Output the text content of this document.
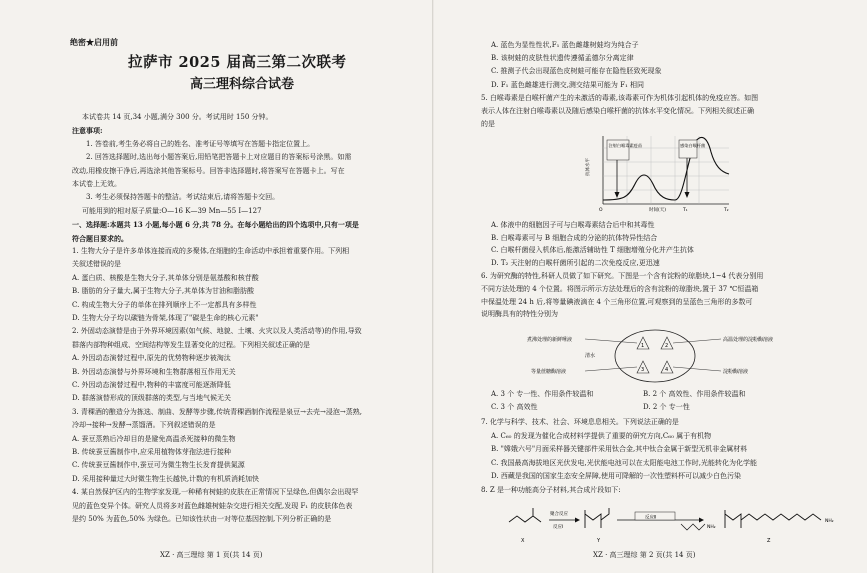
绝密★启用前
拉萨市 2025 届高三第二次联考
高三理科综合试卷
本试卷共 14 页,34 小题,满分 300 分。考试用时 150 分钟。
注意事项:
1. 答卷前,考生务必将自己的姓名、准考证号等填写在答题卡指定位置上。
2. 回答选择题时,选出每小题答案后,用铅笔把答题卡上对应题目的答案标号涂黑。如需
改动,用橡皮擦干净后,再选涂其他答案标号。回答非选择题时,将答案写在答题卡上。写在
本试卷上无效。
3. 考生必须保持答题卡的整洁。考试结束后,请将答题卡交回。
可能用到的相对原子质量:O—16 K—39 Mn—55 I—127
一、选择题:本题共 13 小题,每小题 6 分,共 78 分。在每小题给出的四个选项中,只有一项是
符合题目要求的。
1. 生物大分子是许多单体连接而成的多聚体,在细胞的生命活动中承担着重要作用。下列相
关叙述错误的是
A. 蛋白质、核酸是生物大分子,其单体分别是氨基酸和核苷酸
B. 脂肪的分子量大,属于生物大分子,其单体为甘油和脂肪酸
C. 构成生物大分子的单体在排列顺序上不一定都具有多样性
D. 生物大分子均以碳链为骨架,体现了"碳是生命的核心元素"
2. 外固动态演替是由于外界环境因素(如气候、地貌、土壤、火灾以及人类活动等)的作用,导致
群落内部物种组成、空间结构等发生显著变化的过程。下列相关叙述正确的是
A. 外因动态演替过程中,原先的优势物种逐步被淘汰
B. 外因动态演替与外界环境和生物群落相互作用无关
C. 外因动态演替过程中,物种的丰富度可能逐渐降低
D. 群落演替形成的顶级群落的类型,与当地气候无关
3. 青稞酒的酿造分为拣选、制曲、发酵等步骤,传统青稞酒制作流程是泉豆→去壳→浸泡→蒸熟,
冷却→接种→发酵→蒸馏酒。下列叙述错误的是
A. 蚕豆蒸熟后冷却目的是避免高温杀死接种的微生物
B. 传统蚕豆酱制作中,应采用植物体芽孢法进行接种
C. 传统蚕豆酱制作中,蚕豆可为微生物生长发育提供氮源
D. 采用接种量过大时微生物生长越快,计数的有机质消耗加快
4. 某自然保护区内的生物学家发现,一种稀有树蛙的皮肤在正常情况下呈绿色,但偶尔会出现罕
见的蓝色变异个体。研究人员将多对蓝色雌雄树蛙杂交进行相关交配,发现 F₁ 的皮肤体色表
是约 50% 为蓝色,50% 为绿色。已知该性状由一对等位基因控制,下列分析正确的是
XZ · 高三理综 第 1 页(共 14 页)
A. 蓝色为显性性状,F₁ 蓝色雌雄树蛙均为纯合子
B. 该树蛙的皮肤性状遗传遵循孟德尔分离定律
C. 推测子代会出现蓝色皮树蛙可能存在隐性胚致死现象
D. F₁ 蓝色雌雄进行测交,测交结果可能为 F₁ 相同
5. 白喉毒素是白喉杆菌产生的未激活的毒素,该毒素可作为机体引起机体的免疫应答。如图
表示人体在注射白喉毒素以及随后感染白喉杆菌的抗体水平变化情况。下列相关叙述正确
的是
注射白喉毒素疫苗	感染白喉杆菌
抗体水平
O	时间(天)	T₁	T₂
A. 体液中的细胞因子可与白喉毒素结合后中和其毒性
B. 白喉毒素可与 B 细胞合成的分泌的抗体特异性结合
C. 白喉杆菌侵入机体后,能激活辅助性 T 细胞增殖分化并产生抗体
D. T₂ 天注射的白喉杆菌所引起的二次免疫反应,更迅速
1	2
3	4
煮沸处理的新鲜唾液
清水
等量蔗糖酶溶液
高温处理的淀粉酶溶液
淀粉酶溶液
6. 为研究酶的特性,科研人员做了如下研究。下图是一个含有淀粉的琼脂块,1~4 代表分别用
不同方法处理的 4 个位置。将图示所示方法处理后的含有淀粉的琼脂块,置于 37 ℃恒温箱
中保温处理 24 h 后,将等量碘液滴在 4 个三角形位置,可观察到的呈蓝色三角形的多数可
说明酶具有的特性分别为
A. 3 个 专一性、作用条件较温和	B. 2 个 高效性、作用条件较温和
C. 3 个 高效性	D. 2 个 专一性
7. 化学与科学、技术、社会、环境息息相关。下列说法正确的是
A. C₆₀ 的发现为催化合成材料学提供了重要的研究方向,C₆₀ 属于有机物
B. "嫦娥六号"月面采样器关键部件采用钛合金,其中钛合金属于新型无机非金属材料
C. 我国最高海拔地区光伏发电,光伏能电池可以在太阳能电池工作时,光能转化为化学能
D. 西藏是我国的国家生态安全屏障,使用可降解的一次性塑料杯可以减少白色污染
8. Z 是一种功能高分子材料,其合成片段如下:
X
聚合反应
反应Ⅰ
Y
反应Ⅱ
NH₂
NH₂
Z
XZ · 高三理综 第 2 页(共 14 页)
